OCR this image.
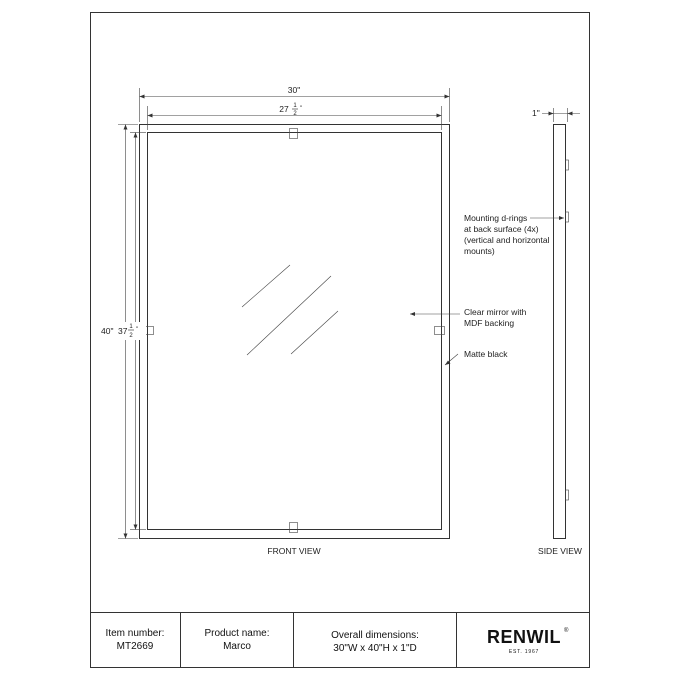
30"
27 1
2
"
40" 37 1
2
"
1"
Mounting d-rings
at back surface (4x)
(vertical and horizontal
mounts)
Clear mirror with
MDF backing
Matte black
FRONT VIEW	SIDE VIEW
Item number:
MT2669
Product name:
Marco
Overall dimensions:
30"W x 40"H x 1"D
RENWIL ®
EST. 1967
